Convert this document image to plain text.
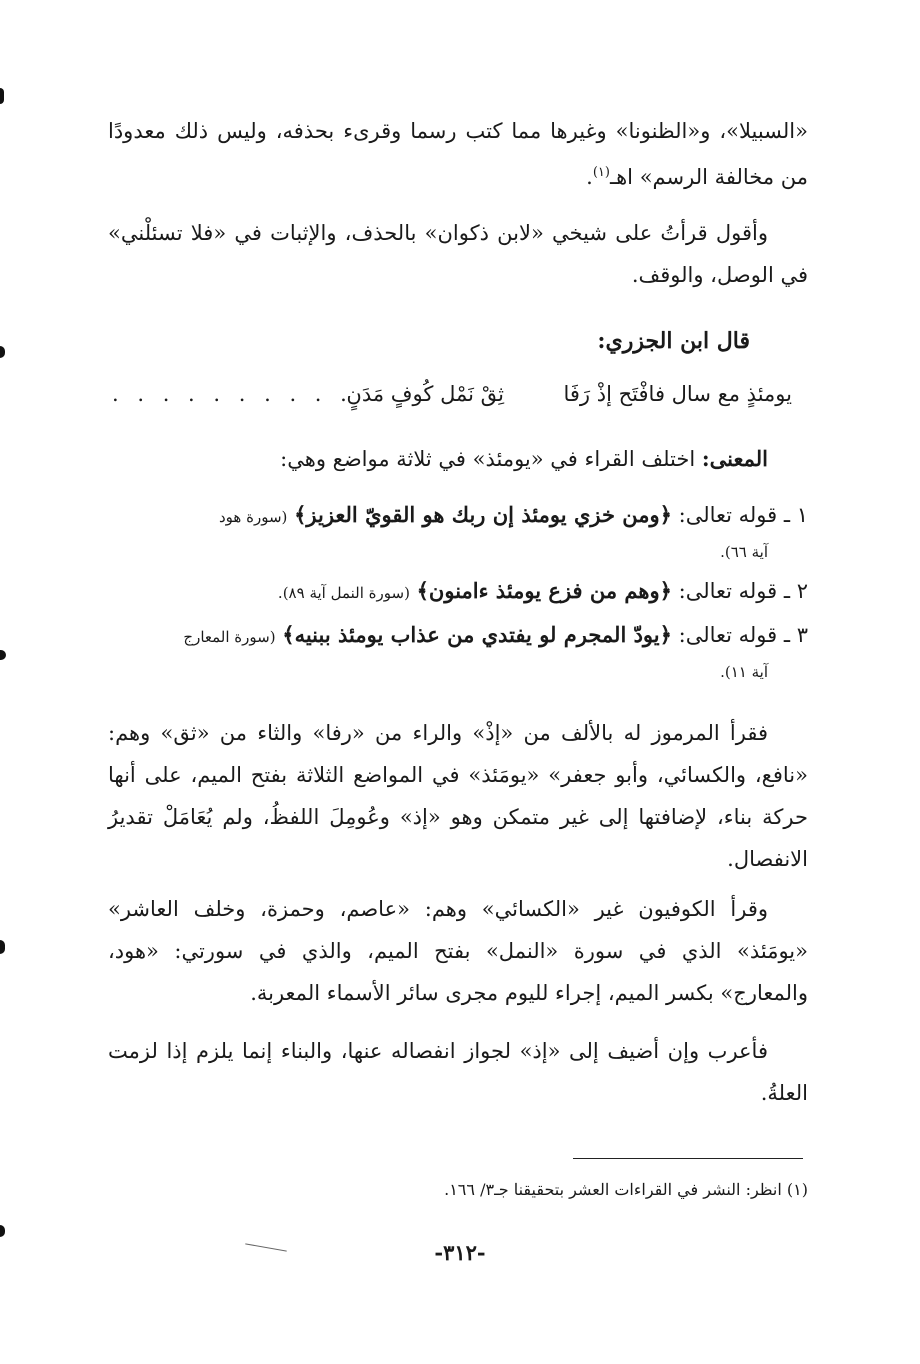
«السبيلا»، و«الظنونا» وغيرها مما كتب رسما وقرىء بحذفه، وليس ذلك معدودًا من مخالفة الرسم» اهـ$^{(١)}$.

وأقول قرأتُ على شيخي «لابن ذكوان» بالحذف، والإثبات في «فلا تسئلْني» في الوصل، والوقف.

قال ابن الجزري:
يومئذٍ مع سال فافْتَح إذْ رَفَا
ثِقْ نَمْل كُوفٍ مَدَنٍ
. . . . . . . . . .

المعنى: اختلف القراء في «يومئذ» في ثلاثة مواضع وهي:

١ ـ قوله تعالى: ﴿ومن خزي يومئذ إن ربك هو القويّ العزيز﴾ (سورة هود
آية ٦٦).
٢ ـ قوله تعالى: ﴿وهم من فزع يومئذ ءامنون﴾ (سورة النمل آية ٨٩).
٣ ـ قوله تعالى: ﴿يودّ المجرم لو يفتدي من عذاب يومئذ ببنيه﴾ (سورة المعارج
آية ١١).

فقرأ المرموز له بالألف من «إذْ» والراء من «رفا» والثاء من «ثق» وهم: «نافع، والكسائي، وأبو جعفر» «يومَئذ» في المواضع الثلاثة بفتح الميم، على أنها حركة بناء، لإضافتها إلى غير متمكن وهو «إذ» وعُومِلَ اللفظُ، ولم يُعَامَلْ تقديرُ الانفصال.

وقرأ الكوفيون غير «الكسائي» وهم: «عاصم، وحمزة، وخلف العاشر» «يومَئذ» الذي في سورة «النمل» بفتح الميم، والذي في سورتي: «هود، والمعارج» بكسر الميم، إجراء لليوم مجرى سائر الأسماء المعربة.

فأعرب وإن أضيف إلى «إذ» لجواز انفصاله عنها، والبناء إنما يلزم إذا لزمت العلةُ.

(١) انظر: النشر في القراءات العشر بتحقيقنا جـ٣/ ١٦٦.
-٣١٢-
